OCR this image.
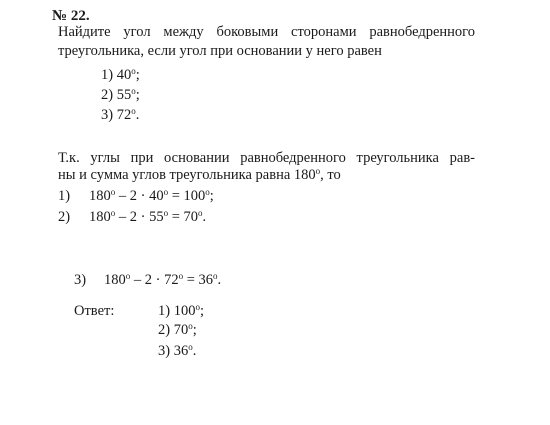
№ 22.
Найдите угол между боковыми сторонами равнобедренного
треугольника, если угол при основании у него равен
1) 40$^o$;
2) 55$^o$;
3) 72$^o$.
Т.к. углы при основании равнобедренного треугольника рав-
ны и сумма углов треугольника равна 180$^o$, то
1) $180^o - 2 \cdot 40^o = 100^o$;
2) $180^o - 2 \cdot 55^o = 70^o$.
3) $180^o - 2 \cdot 72^o = 36^o$.
Ответ:	1) 100$^o$;
2) 70$^o$;
3) 36$^o$.
